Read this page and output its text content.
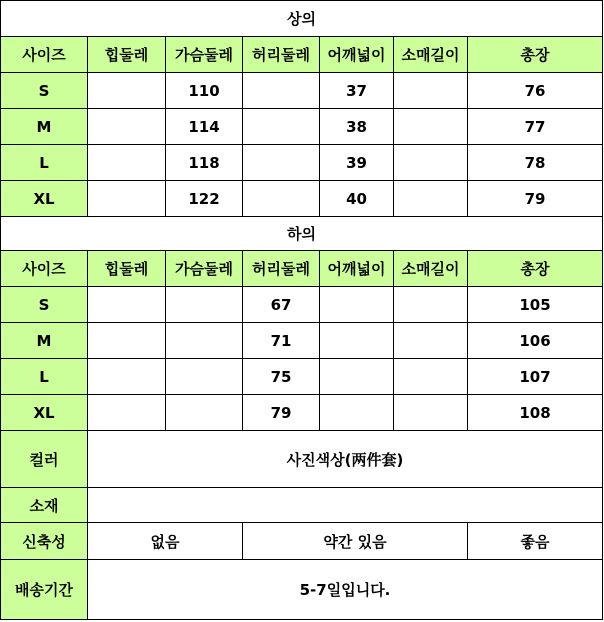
상의						
사이즈	힙둘레	가슴둘레	허리둘레	어깨넓이	소매길이	총장
S		110		37		76
M		114		38		77
L		118		39		78
XL		122		40		79
하의						
사이즈	힙둘레	가슴둘레	허리둘레	어깨넓이	소매길이	총장
S			67			105
M			71			106
L			75			107
XL			79			108
컬러	사진색상(两件套)					
소재						
신축성	없음		약간 있음			좋음
배송기간	5-7일입니다.					
